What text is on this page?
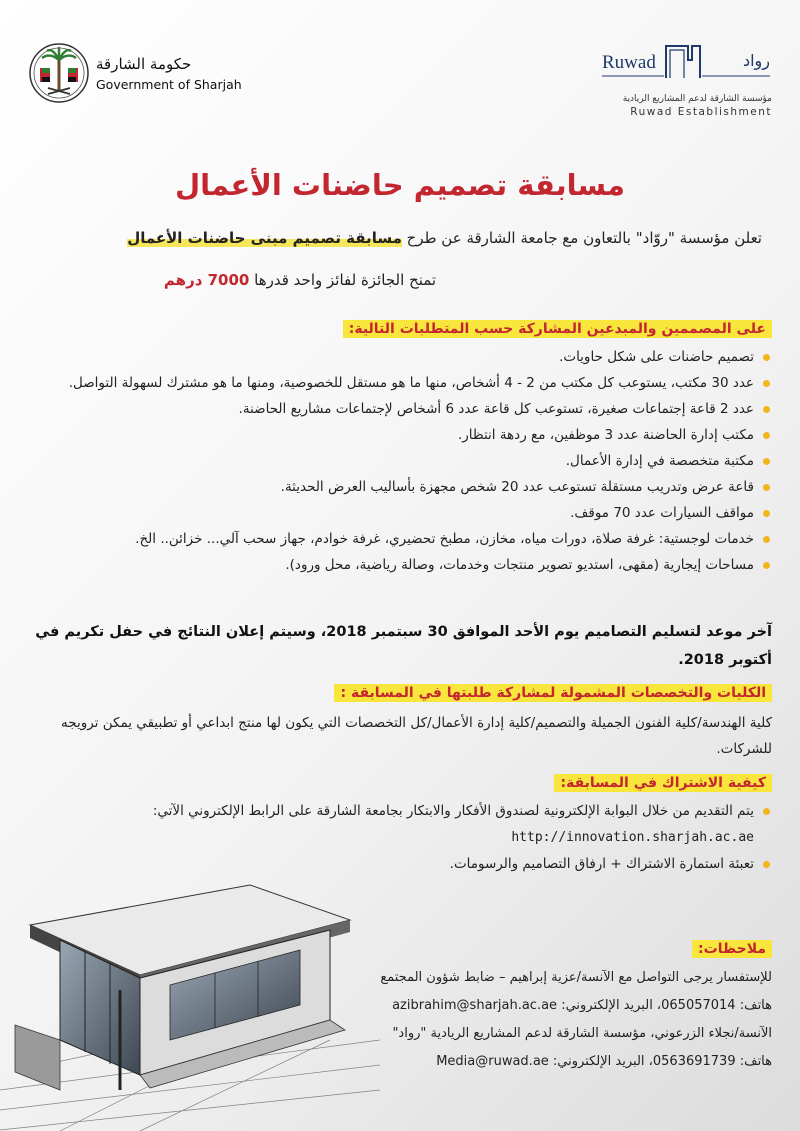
حكومة الشارقة
Government of Sharjah
Ruwad	رواد
مؤسسة الشارقة لدعم المشاريع الريادية
Ruwad Establishment
مسابقة تصميم حاضنات الأعمال
تعلن مؤسسة "روّاد" بالتعاون مع جامعة الشارقة عن طرح مسابقة تصميم مبنى حاضنات الأعمال
تمنح الجائزة لفائز واحد قدرها 7000 درهم
على المصممين والمبدعين المشاركة حسب المتطلبات التالية:
تصميم حاضنات على شكل حاويات.
عدد 30 مكتب، يستوعب كل مكتب من 2 - 4 أشخاص، منها ما هو مستقل للخصوصية، ومنها ما هو مشترك لسهولة التواصل.
عدد 2 قاعة إجتماعات صغيرة، تستوعب كل قاعة عدد 6 أشخاص لإجتماعات مشاريع الحاضنة.
مكتب إدارة الحاضنة عدد 3 موظفين، مع ردهة انتظار.
مكتبة متخصصة في إدارة الأعمال.
قاعة عرض وتدريب مستقلة تستوعب عدد 20 شخص مجهزة بأساليب العرض الحديثة.
مواقف السيارات عدد 70 موقف.
خدمات لوجستية: غرفة صلاة، دورات مياه، مخازن، مطبخ تحضيري، غرفة خوادم، جهاز سحب آلي... خزائن.. الخ.
مساحات إيجارية (مقهى، استديو تصوير منتجات وخدمات، وصالة رياضية، محل ورود).
آخر موعد لتسليم التصاميم يوم الأحد الموافق 30 سبتمبر 2018، وسيتم إعلان النتائج في حفل تكريم في أكتوبر 2018.
الكليات والتخصصات المشمولة لمشاركة طلبتها في المسابقة :
كلية الهندسة/كلية الفنون الجميلة والتصميم/كلية إدارة الأعمال/كل التخصصات التي يكون لها منتج ابداعي أو تطبيقي يمكن ترويجه للشركات.
كيفية الاشتراك في المسابقة:
يتم التقديم من خلال البوابة الإلكترونية لصندوق الأفكار والابتكار بجامعة الشارقة على الرابط الإلكتروني الآتي:
http://innovation.sharjah.ac.ae
تعبئة استمارة الاشتراك + ارفاق التصاميم والرسومات.
ملاحظات:
للإستفسار يرجى التواصل مع الآنسة/عزية إبراهيم – ضابط شؤون المجتمع
هاتف: 065057014، البريد الإلكتروني: azibrahim@sharjah.ac.ae
الآنسة/نجلاء الزرعوني، مؤسسة الشارقة لدعم المشاريع الريادية "رواد"
هاتف: 0563691739، البريد الإلكتروني: Media@ruwad.ae
